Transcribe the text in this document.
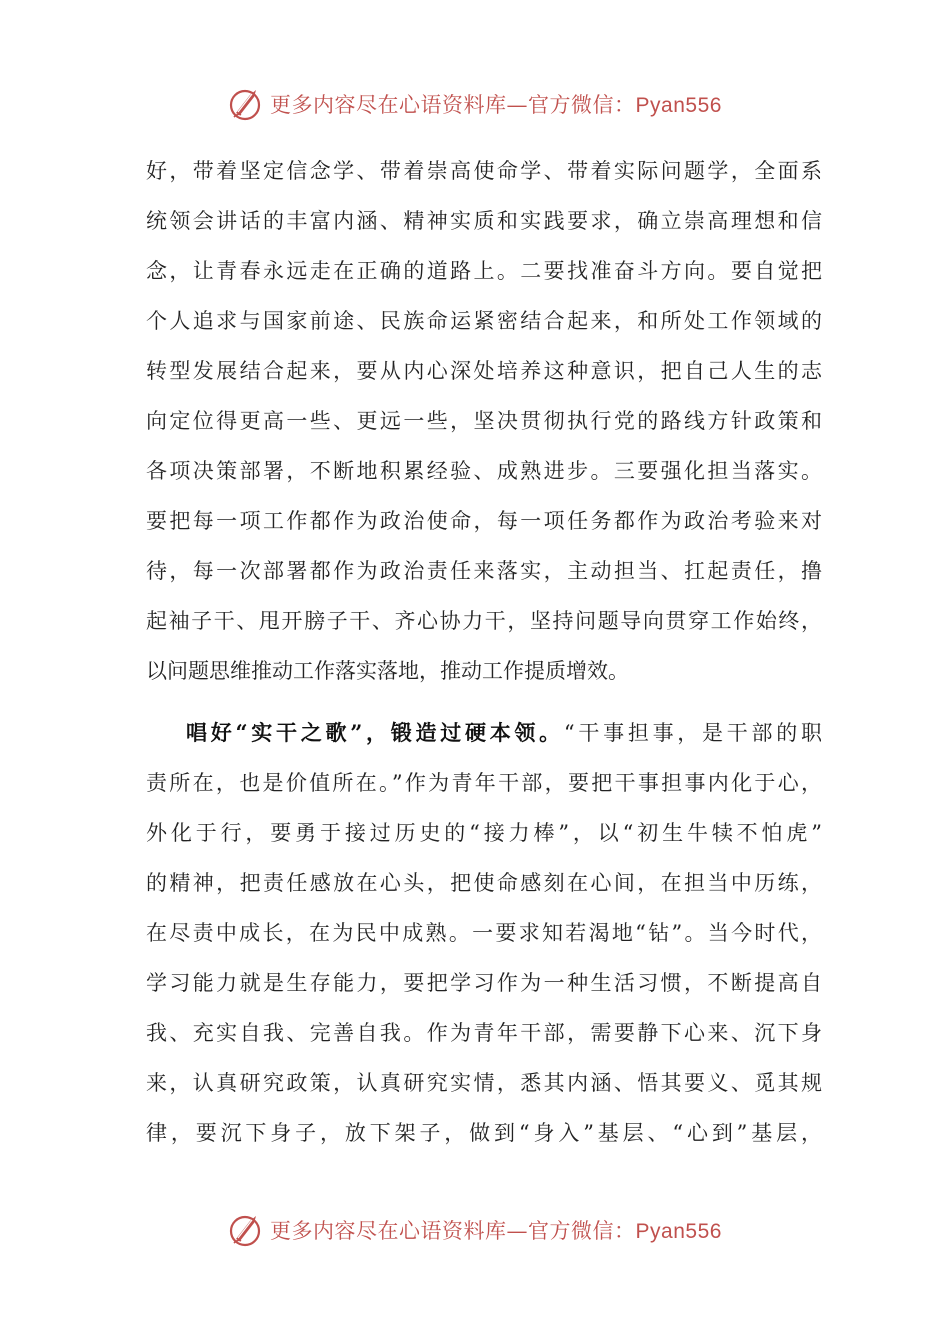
更多内容尽在心语资料库—官方微信：Pyan556
好，带着坚定信念学、带着崇高使命学、带着实际问题学，全面系
统领会讲话的丰富内涵、精神实质和实践要求，确立崇高理想和信
念，让青春永远走在正确的道路上。二要找准奋斗方向。要自觉把
个人追求与国家前途、民族命运紧密结合起来，和所处工作领域的
转型发展结合起来，要从内心深处培养这种意识，把自己人生的志
向定位得更高一些、更远一些，坚决贯彻执行党的路线方针政策和
各项决策部署，不断地积累经验、成熟进步。三要强化担当落实。
要把每一项工作都作为政治使命，每一项任务都作为政治考验来对
待，每一次部署都作为政治责任来落实，主动担当、扛起责任，撸
起袖子干、甩开膀子干、齐心协力干，坚持问题导向贯穿工作始终，
以问题思维推动工作落实落地，推动工作提质增效。
唱好“实干之歌”，锻造过硬本领。“干事担事，是干部的职
责所在，也是价值所在。”作为青年干部，要把干事担事内化于心，
外化于行，要勇于接过历史的“接力棒”，以“初生牛犊不怕虎”
的精神，把责任感放在心头，把使命感刻在心间，在担当中历练，
在尽责中成长，在为民中成熟。一要求知若渴地“钻”。当今时代，
学习能力就是生存能力，要把学习作为一种生活习惯，不断提高自
我、充实自我、完善自我。作为青年干部，需要静下心来、沉下身
来，认真研究政策，认真研究实情，悉其内涵、悟其要义、觅其规
律，要沉下身子，放下架子，做到“身入”基层、“心到”基层，
更多内容尽在心语资料库—官方微信：Pyan556
